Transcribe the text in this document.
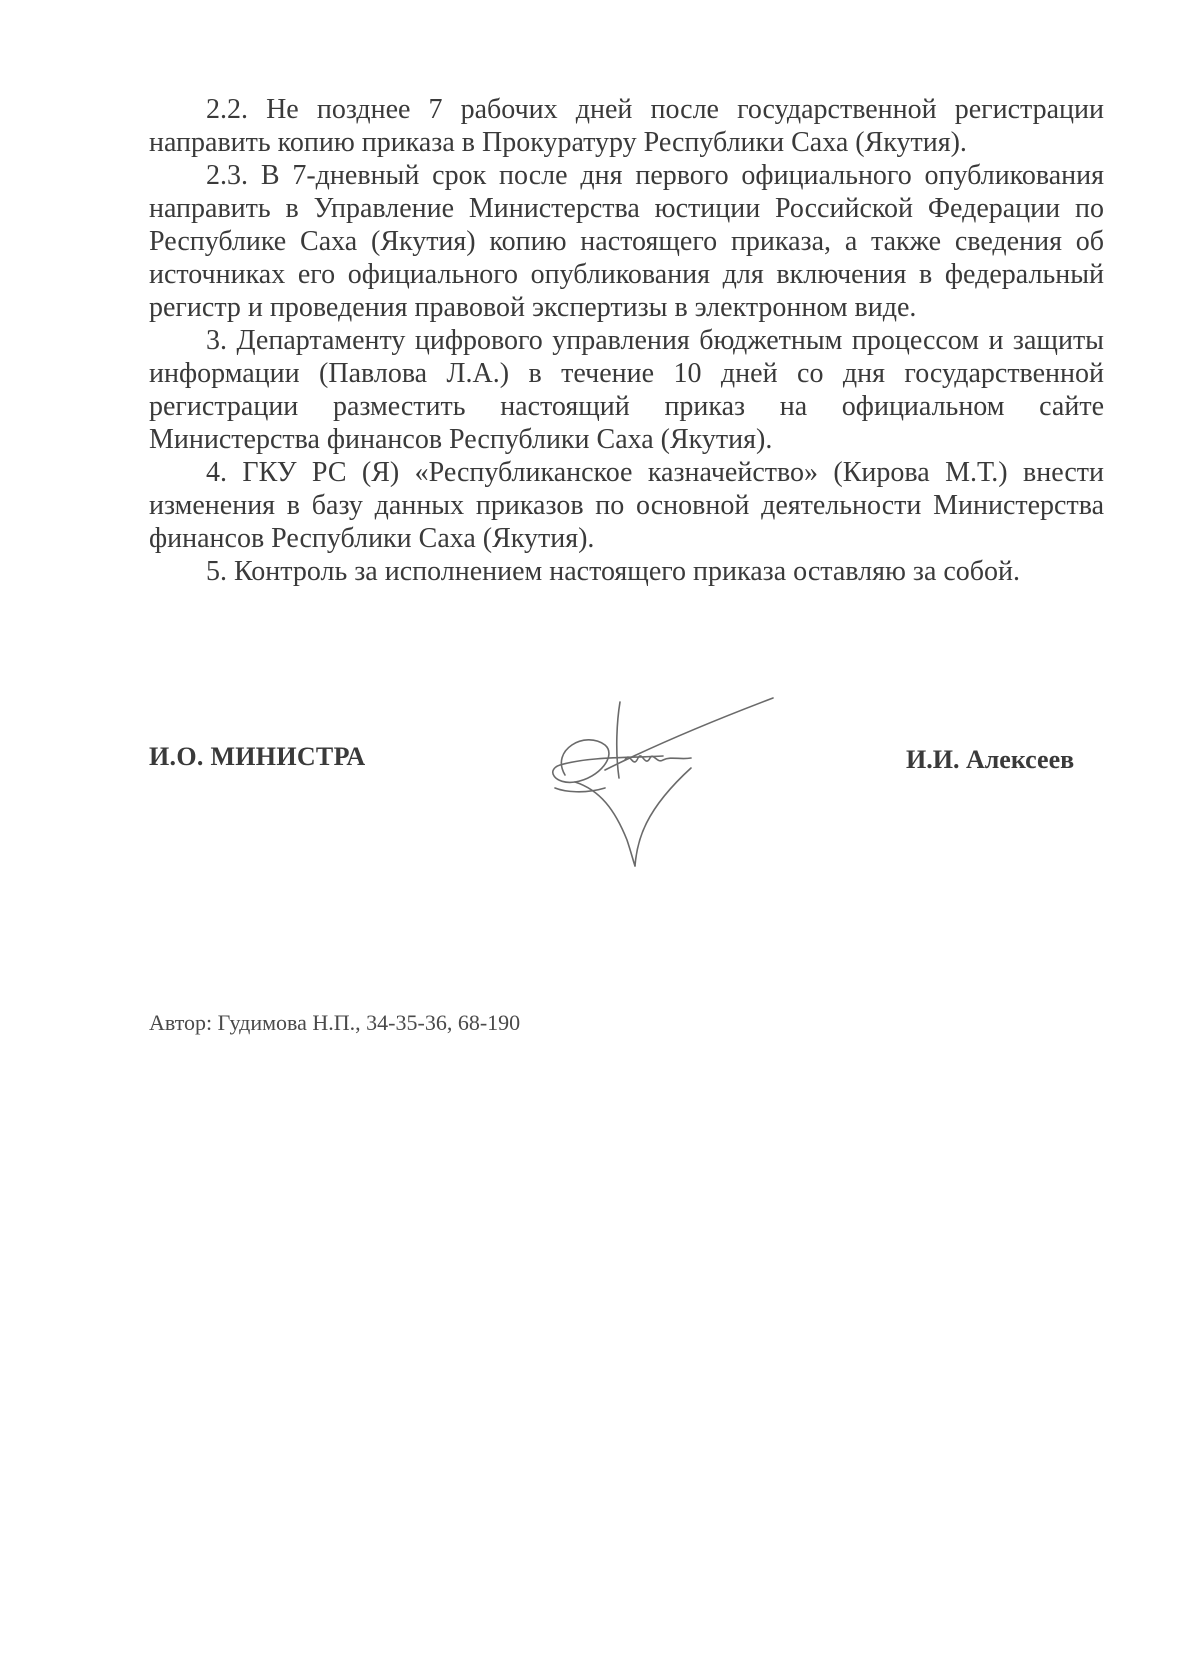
2.2. Не позднее 7 рабочих дней после государственной регистрации направить копию приказа в Прокуратуру Республики Саха (Якутия).

2.3. В 7-дневный срок после дня первого официального опубликования направить в Управление Министерства юстиции Российской Федерации по Республике Саха (Якутия) копию настоящего приказа, а также сведения об источниках его официального опубликования для включения в федеральный регистр и проведения правовой экспертизы в электронном виде.

3. Департаменту цифрового управления бюджетным процессом и защиты информации (Павлова Л.А.) в течение 10 дней со дня государственной регистрации разместить настоящий приказ на официальном сайте Министерства финансов Республики Саха (Якутия).

4. ГКУ РС (Я) «Республиканское казначейство» (Кирова М.Т.) внести изменения в базу данных приказов по основной деятельности Министерства финансов Республики Саха (Якутия).

5. Контроль за исполнением настоящего приказа оставляю за собой.

И.О. МИНИСТРА	И.И. Алексеев
Автор: Гудимова Н.П., 34-35-36, 68-190
